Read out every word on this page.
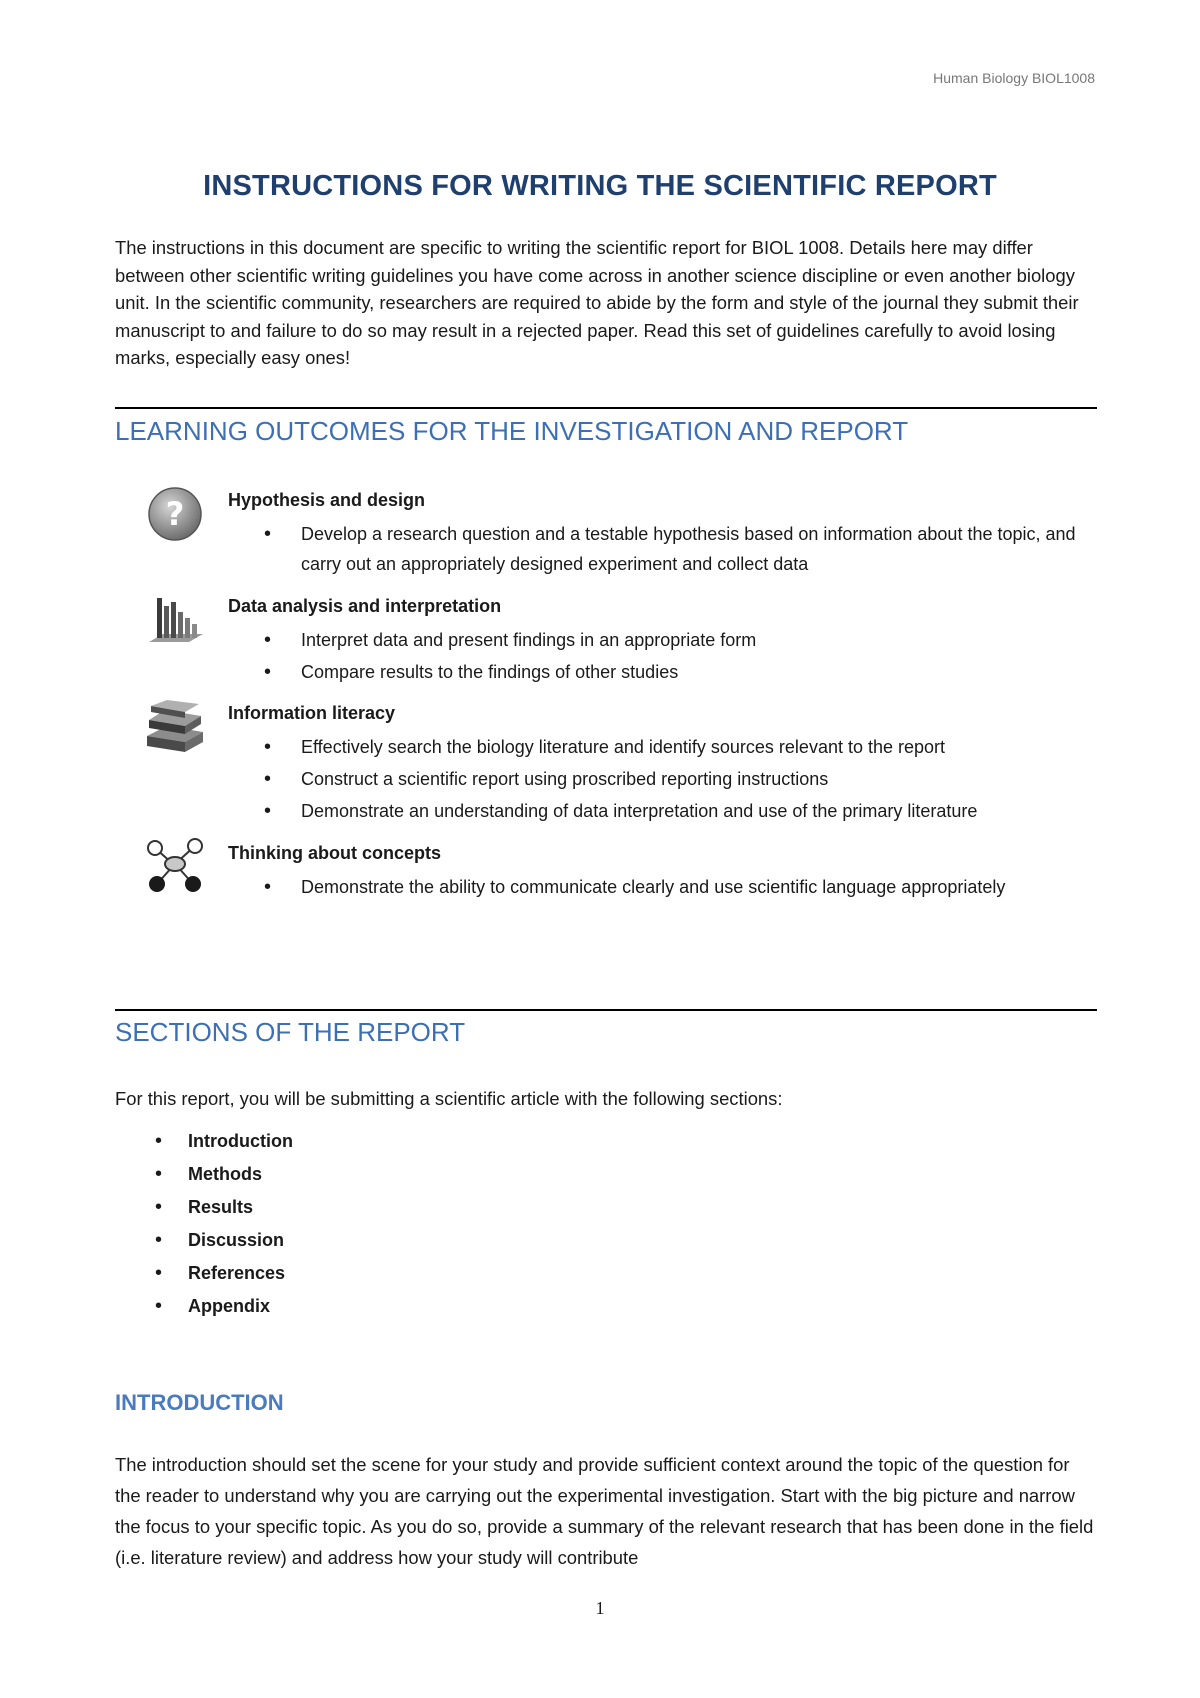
Human Biology BIOL1008
INSTRUCTIONS FOR WRITING THE SCIENTIFIC REPORT
The instructions in this document are specific to writing the scientific report for BIOL 1008. Details here may differ between other scientific writing guidelines you have come across in another science discipline or even another biology unit. In the scientific community, researchers are required to abide by the form and style of the journal they submit their manuscript to and failure to do so may result in a rejected paper. Read this set of guidelines carefully to avoid losing marks, especially easy ones!
LEARNING OUTCOMES FOR THE INVESTIGATION AND REPORT
? Hypothesis and design
• Develop a research question and a testable hypothesis based on information about the topic, and carry out an appropriately designed experiment and collect data
Data analysis and interpretation
• Interpret data and present findings in an appropriate form
• Compare results to the findings of other studies
Information literacy
• Effectively search the biology literature and identify sources relevant to the report
• Construct a scientific report using proscribed reporting instructions
• Demonstrate an understanding of data interpretation and use of the primary literature
Thinking about concepts
• Demonstrate the ability to communicate clearly and use scientific language appropriately
SECTIONS OF THE REPORT
For this report, you will be submitting a scientific article with the following sections:
• Introduction
• Methods
• Results
• Discussion
• References
• Appendix
INTRODUCTION
The introduction should set the scene for your study and provide sufficient context around the topic of the question for the reader to understand why you are carrying out the experimental investigation. Start with the big picture and narrow the focus to your specific topic. As you do so, provide a summary of the relevant research that has been done in the field (i.e. literature review) and address how your study will contribute
1
